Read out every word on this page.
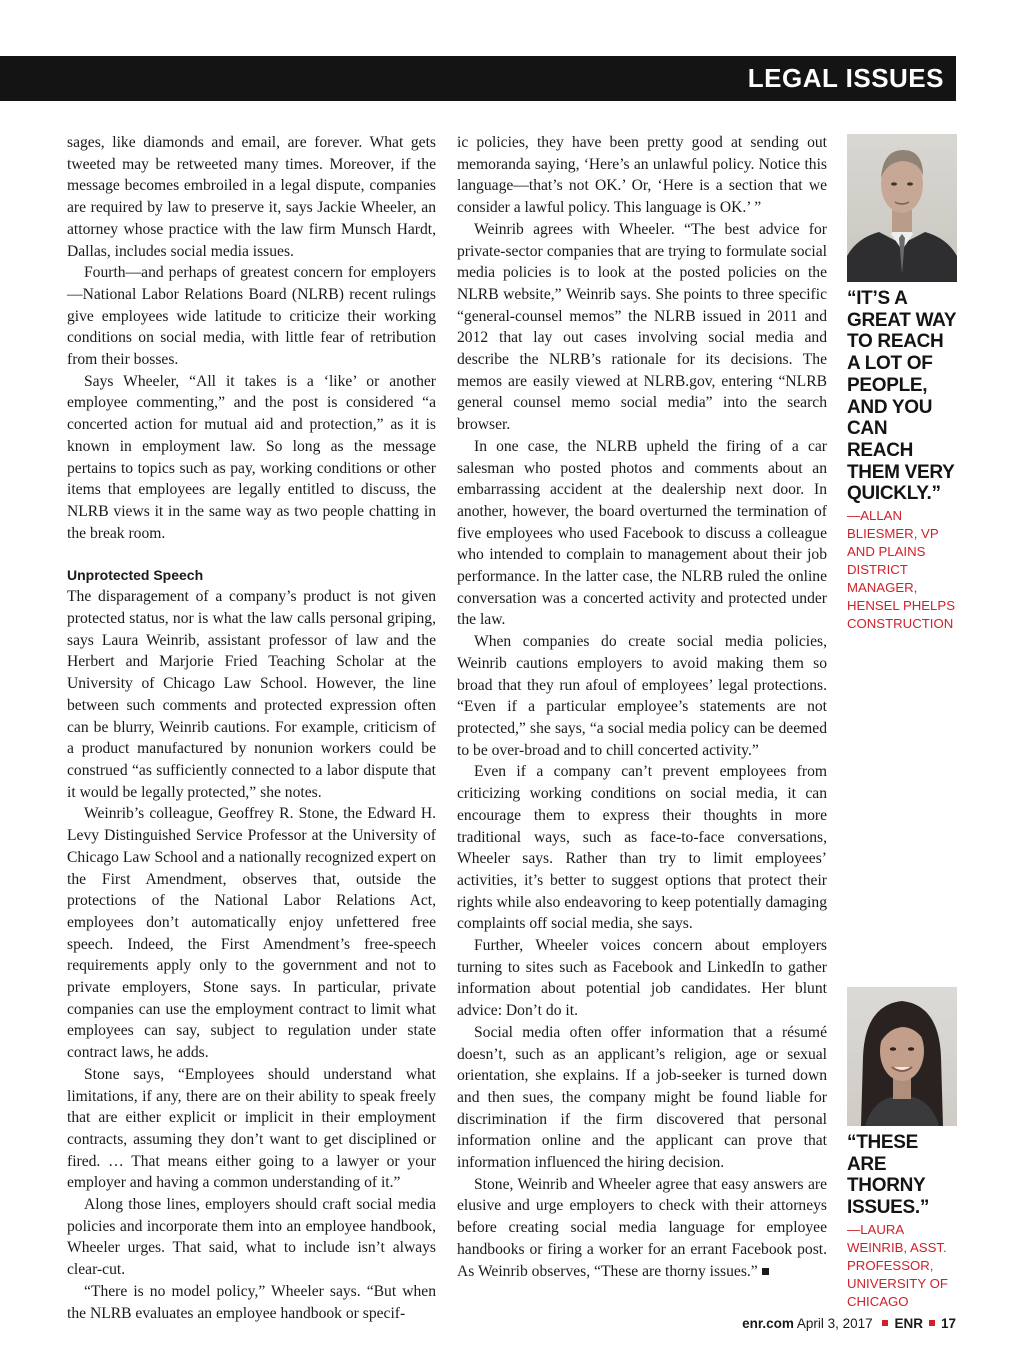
LEGAL ISSUES

sages, like diamonds and email, are forever. What gets tweeted may be retweeted many times. Moreover, if the message becomes embroiled in a legal dispute, companies are required by law to preserve it, says Jackie Wheeler, an attorney whose practice with the law firm Munsch Hardt, Dallas, includes social media issues.

Fourth—and perhaps of greatest concern for employers—National Labor Relations Board (NLRB) recent rulings give employees wide latitude to criticize their working conditions on social media, with little fear of retribution from their bosses.

Says Wheeler, “All it takes is a ‘like’ or another employee commenting,” and the post is considered “a concerted action for mutual aid and protection,” as it is known in employment law. So long as the message pertains to topics such as pay, working conditions or other items that employees are legally entitled to discuss, the NLRB views it in the same way as two people chatting in the break room.

Unprotected Speech

The disparagement of a company’s product is not given protected status, nor is what the law calls personal griping, says Laura Weinrib, assistant professor of law and the Herbert and Marjorie Fried Teaching Scholar at the University of Chicago Law School. However, the line between such comments and protected expression often can be blurry, Weinrib cautions. For example, criticism of a product manufactured by nonunion workers could be construed “as sufficiently connected to a labor dispute that it would be legally protected,” she notes.

Weinrib’s colleague, Geoffrey R. Stone, the Edward H. Levy Distinguished Service Professor at the University of Chicago Law School and a nationally recognized expert on the First Amendment, observes that, outside the protections of the National Labor Relations Act, employees don’t automatically enjoy unfettered free speech. Indeed, the First Amendment’s free-speech requirements apply only to the government and not to private employers, Stone says. In particular, private companies can use the employment contract to limit what employees can say, subject to regulation under state contract laws, he adds.

Stone says, “Employees should understand what limitations, if any, there are on their ability to speak freely that are either explicit or implicit in their employment contracts, assuming they don’t want to get disciplined or fired. … That means either going to a lawyer or your employer and having a common understanding of it.”

Along those lines, employers should craft social media policies and incorporate them into an employee handbook, Wheeler urges. That said, what to include isn’t always clear-cut.

“There is no model policy,” Wheeler says. “But when the NLRB evaluates an employee handbook or specif-

ic policies, they have been pretty good at sending out memoranda saying, ‘Here’s an unlawful policy. Notice this language—that’s not OK.’ Or, ‘Here is a section that we consider a lawful policy. This language is OK.’ ”

Weinrib agrees with Wheeler. “The best advice for private-sector companies that are trying to formulate social media policies is to look at the posted policies on the NLRB website,” Weinrib says. She points to three specific “general-counsel memos” the NLRB issued in 2011 and 2012 that lay out cases involving social media and describe the NLRB’s rationale for its decisions. The memos are easily viewed at NLRB.gov, entering “NLRB general counsel memo social media” into the search browser.

In one case, the NLRB upheld the firing of a car salesman who posted photos and comments about an embarrassing accident at the dealership next door. In another, however, the board overturned the termination of five employees who used Facebook to discuss a colleague who intended to complain to management about their job performance. In the latter case, the NLRB ruled the online conversation was a concerted activity and protected under the law.

When companies do create social media policies, Weinrib cautions employers to avoid making them so broad that they run afoul of employees’ legal protections. “Even if a particular employee’s statements are not protected,” she says, “a social media policy can be deemed to be over-broad and to chill concerted activity.”

Even if a company can’t prevent employees from criticizing working conditions on social media, it can encourage them to express their thoughts in more traditional ways, such as face-to-face conversations, Wheeler says. Rather than try to limit employees’ activities, it’s better to suggest options that protect their rights while also endeavoring to keep potentially damaging complaints off social media, she says.

Further, Wheeler voices concern about employers turning to sites such as Facebook and LinkedIn to gather information about potential job candidates. Her blunt advice: Don’t do it.

Social media often offer information that a résumé doesn’t, such as an applicant’s religion, age or sexual orientation, she explains. If a job-seeker is turned down and then sues, the company might be found liable for discrimination if the firm discovered that personal information online and the applicant can prove that information influenced the hiring decision.

Stone, Weinrib and Wheeler agree that easy answers are elusive and urge employers to check with their attorneys before creating social media language for employee handbooks or firing a worker for an errant Facebook post. As Weinrib observes, “These are thorny issues.”

“IT’S A GREAT WAY TO REACH A LOT OF PEOPLE, AND YOU CAN REACH THEM VERY QUICKLY.”

—ALLAN BLIESMER, VP AND PLAINS DISTRICT MANAGER, HENSEL PHELPS CONSTRUCTION

“THESE ARE THORNY ISSUES.”

—LAURA WEINRIB, ASST. PROFESSOR, UNIVERSITY OF CHICAGO

enr.com April 3, 2017 ENR 17
